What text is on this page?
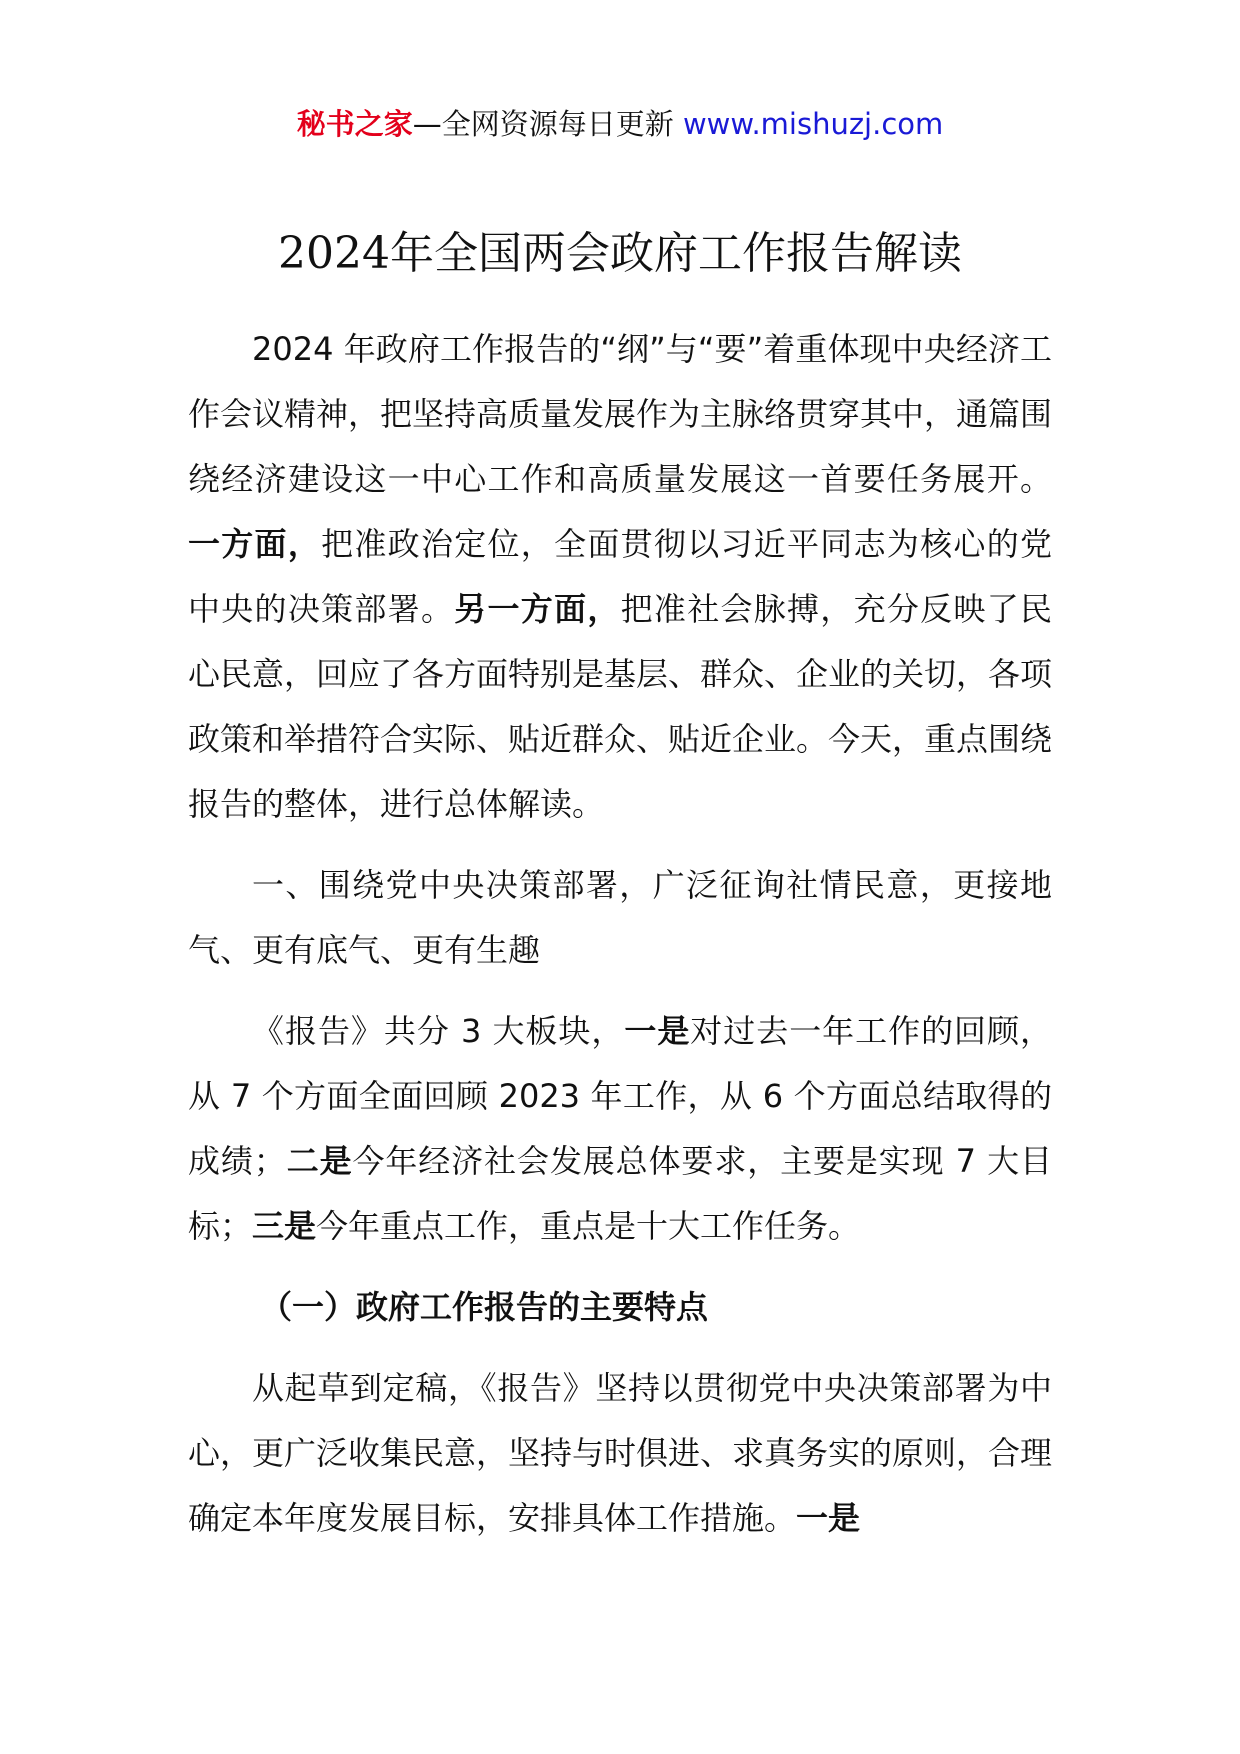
秘书之家—全网资源每日更新 www.mishuzj.com
2024年全国两会政府工作报告解读

2024 年政府工作报告的“纲”与“要”着重体现中央经济工作会议精神，把坚持高质量发展作为主脉络贯穿其中，通篇围绕经济建设这一中心工作和高质量发展这一首要任务展开。一方面，把准政治定位，全面贯彻以习近平同志为核心的党中央的决策部署。另一方面，把准社会脉搏，充分反映了民心民意，回应了各方面特别是基层、群众、企业的关切，各项政策和举措符合实际、贴近群众、贴近企业。今天，重点围绕报告的整体，进行总体解读。

一、围绕党中央决策部署，广泛征询社情民意，更接地气、更有底气、更有生趣

《报告》共分 3 大板块，一是对过去一年工作的回顾，从 7 个方面全面回顾 2023 年工作，从 6 个方面总结取得的成绩；二是今年经济社会发展总体要求，主要是实现 7 大目标；三是今年重点工作，重点是十大工作任务。

（一）政府工作报告的主要特点

从起草到定稿，《报告》坚持以贯彻党中央决策部署为中心，更广泛收集民意，坚持与时俱进、求真务实的原则，合理确定本年度发展目标，安排具体工作措施。一是
